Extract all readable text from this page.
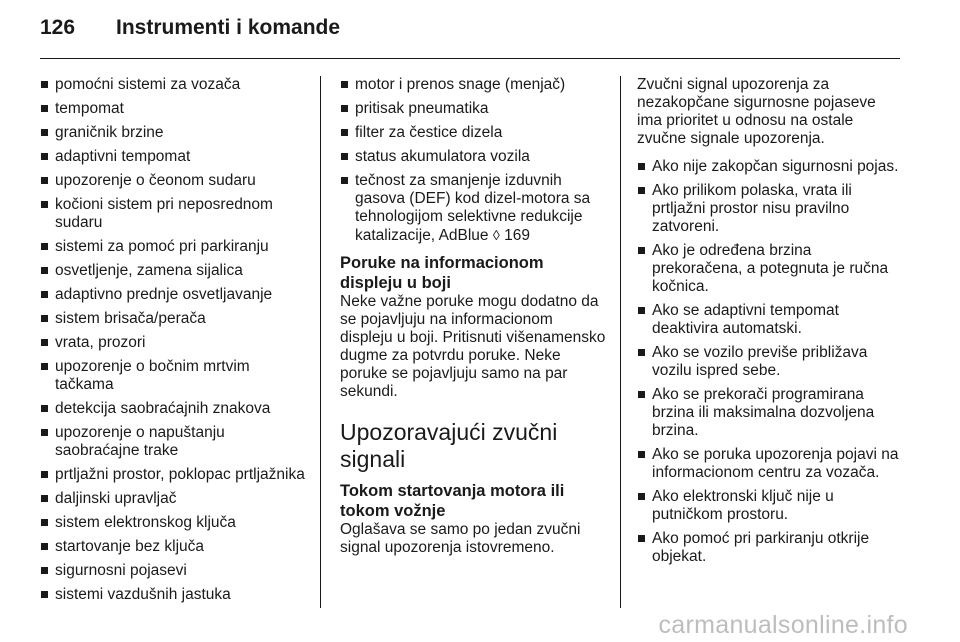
126 Instrumenti i komande
pomoćni sistemi za vozača
tempomat
graničnik brzine
adaptivni tempomat
upozorenje o čeonom sudaru
kočioni sistem pri neposrednom sudaru
sistemi za pomoć pri parkiranju
osvetljenje, zamena sijalica
adaptivno prednje osvetljavanje
sistem brisača/perača
vrata, prozori
upozorenje o bočnim mrtvim tačkama
detekcija saobraćajnih znakova
upozorenje o napuštanju saobraćajne trake
prtljažni prostor, poklopac prtljažnika
daljinski upravljač
sistem elektronskog ključa
startovanje bez ključa
sigurnosni pojasevi
sistemi vazdušnih jastuka
motor i prenos snage (menjač)
pritisak pneumatika
filter za čestice dizela
status akumulatora vozila
tečnost za smanjenje izduvnih gasova (DEF) kod dizel-motora sa tehnologijom selektivne redukcije katalizacije, AdBlue ◊ 169

Poruke na informacionom displeju u boji

Neke važne poruke mogu dodatno da se pojavljuju na informacionom displeju u boji. Pritisnuti višenamensko dugme za potvrdu poruke. Neke poruke se pojavljuju samo na par sekundi.

Upozoravajući zvučni signali

Tokom startovanja motora ili tokom vožnje

Oglašava se samo po jedan zvučni signal upozorenja istovremeno.

Zvučni signal upozorenja za nezakopčane sigurnosne pojaseve ima prioritet u odnosu na ostale zvučne signale upozorenja.

Ako nije zakopčan sigurnosni pojas.
Ako prilikom polaska, vrata ili prtljažni prostor nisu pravilno zatvoreni.
Ako je određena brzina prekoračena, a potegnuta je ručna kočnica.
Ako se adaptivni tempomat deaktivira automatski.
Ako se vozilo previše približava vozilu ispred sebe.
Ako se prekorači programirana brzina ili maksimalna dozvoljena brzina.
Ako se poruka upozorenja pojavi na informacionom centru za vozača.
Ako elektronski ključ nije u putničkom prostoru.
Ako pomoć pri parkiranju otkrije objekat.
carmanualsonline.info
